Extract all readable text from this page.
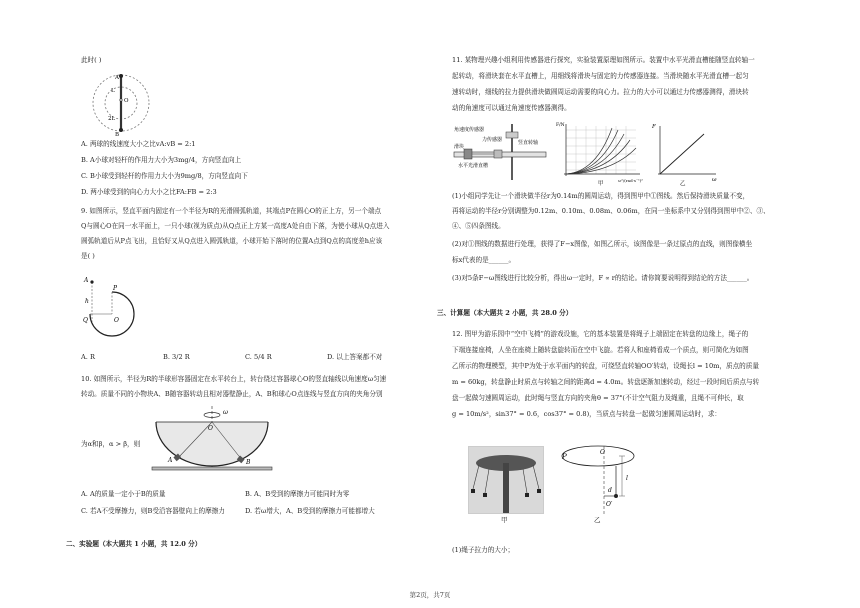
此时( )
A
B
O
L
2L
A. 两球的线速度大小之比vA:vB = 2:1
B. A小球对轻杆的作用力大小为3mg/4，方向竖直向上
C. B小球受到轻杆的作用力大小为9mg/8，方向竖直向下
D. 两小球受到的向心力大小之比FA:FB = 2:3
9. 如图所示，竖直平面内固定有一个半径为R的光滑圆弧轨道，其端点P在圆心O的正上方，另一个端点
Q与圆心O在同一水平面上，一只小球(视为质点)从Q点正上方某一高度A处自由下落，为使小球从Q点进入
圆弧轨道后从P点飞出，且恰好又从Q点进入圆弧轨道，小球开始下落时的位置A点到Q点的高度差h应该
是( )
A
h
P
Q	O
A. R	B. 3/2 R	C. 5/4 R	D. 以上答案都不对
10. 如图所示，半径为R的半球形容器固定在水平转台上，转台绕过容器球心O的竖直轴线以角速度ω匀速
转动。质量不同的小物块A、B随容器转动且相对器壁静止，A、B和球心O点连线与竖直方向的夹角分别
为α和β，α > β，则
ω
O
A	B
A. A的质量一定小于B的质量	B. A、B受到的摩擦力可能同时为零
C. 若A不受摩擦力，则B受沿容器壁向上的摩擦力	D. 若ω增大，A、B受到的摩擦力可能都增大
二、实验题（本大题共 1 小题，共 12.0 分）
11. 某物理兴趣小组利用传感器进行探究，实验装置原理如图所示。装置中水平光滑直槽能随竖直转轴一
起转动，将滑块套在水平直槽上，用细线将滑块与固定的力传感器连接。当滑块随水平光滑直槽一起匀
速转动时，细线的拉力提供滑块做圆周运动需要的向心力。拉力的大小可以通过力传感器测得，滑块转
动的角速度可以通过角速度传感器测得。
角速度传感器
力传感器	竖直转轴
滑块
水平光滑直槽
F/N
ω²/(rad·s⁻¹)²
甲
F
ω
乙
(1)小组同学先让一个滑块做半径r为0.14m的圆周运动，得到图甲中①图线。然后保持滑块质量不变，
再将运动的半径r分别调整为0.12m、0.10m、0.08m、0.06m，在同一坐标系中又分别得到图甲中②、③、
④、⑤四条图线。
(2)对①图线的数据进行处理，获得了F−x图像，如图乙所示，该图像是一条过原点的直线，则图像横坐
标x代表的是______。
(3)对5条F−ω图线进行比较分析，得出ω一定时，F ∝ r的结论。请你简要说明得到结论的方法______。
三、计算题（本大题共 2 小题，共 28.0 分）
12. 图甲为游乐园中“空中飞椅”的游戏设施，它的基本装置是将绳子上端固定在转盘的边缘上，绳子的
下端连接座椅，人坐在座椅上随转盘旋转而在空中飞旋。若将人和座椅看成一个质点，则可简化为如图
乙所示的物理模型，其中P为处于水平面内的转盘，可绕竖直转轴OO′转动，设绳长l = 10m，质点的质量
m = 60kg，转盘静止时质点与转轴之间的距离d = 4.0m。转盘逐渐加速转动，经过一段时间后质点与转
盘一起做匀速圆周运动，此时绳与竖直方向的夹角θ = 37°(不计空气阻力及绳重，且绳不可伸长，取
g = 10m/s²，sin37° = 0.6，cos37° = 0.8)，当质点与转盘一起做匀速圆周运动时，求：
甲
P
O
O′
d
l
乙
(1)绳子拉力的大小；
第2页，共7页
